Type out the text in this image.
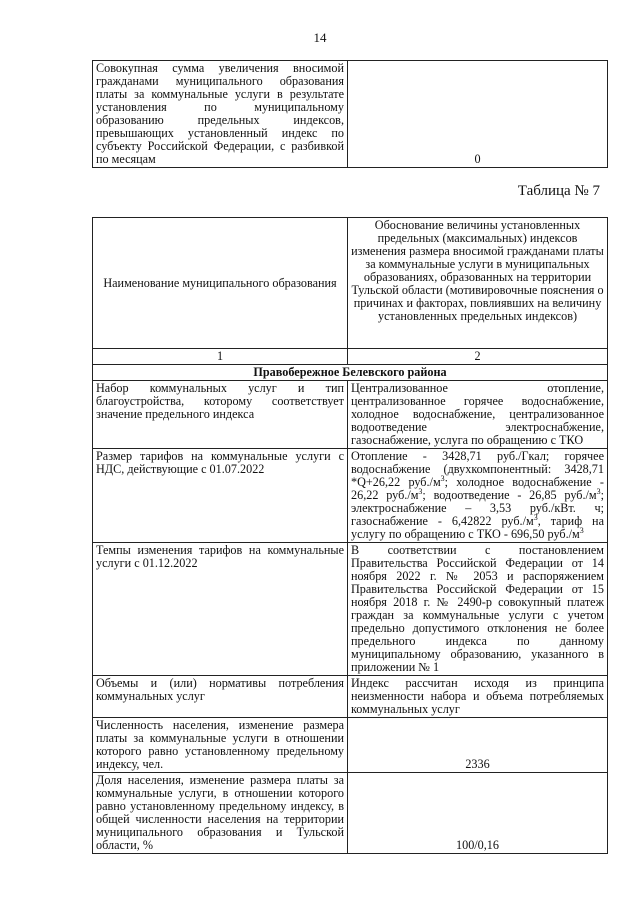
14
Совокупная сумма увеличения вносимой гражданами муниципального образования платы за коммунальные услуги в результате установления по муниципальному образованию предельных индексов, превышающих установленный индекс по субъекту Российской Федерации, с разбивкой по месяцам	0
Таблица № 7
Наименование муниципального образования	Обоснование величины установленных предельных (максимальных) индексов изменения размера вносимой гражданами платы за коммунальные услуги в муниципальных образованиях, образованных на территории Тульской области (мотивировочные пояснения о причинах и факторах, повлиявших на величину установленных предельных индексов)
1	2
Правобережное Белевского района	
Набор коммунальных услуг и тип благоустройства, которому соответствует значение предельного индекса	Централизованное отопление, централизованное горячее водоснабжение, холодное водоснабжение, централизованное водоотведение электроснабжение, газоснабжение, услуга по обращению с ТКО
Размер тарифов на коммунальные услуги с НДС, действующие с 01.07.2022	Отопление - 3428,71 руб./Гкал; горячее водоснабжение (двухкомпонентный: 3428,71 *Q+26,22 $руб./м^3$; холодное водоснабжение - 26,22 $руб./м^3$; водоотведение - 26,85 $руб./м^3$; электроснабжение – 3,53 руб./кВт. ч; газоснабжение - 6,42822 $руб./м^3$, тариф на услугу по обращению с ТКО - 696,50 $руб./м^3$
Темпы изменения тарифов на коммунальные услуги с 01.12.2022	В соответствии с постановлением Правительства Российской Федерации от 14 ноября 2022 г. № 2053 и распоряжением Правительства Российской Федерации от 15 ноября 2018 г. № 2490-р совокупный платеж граждан за коммунальные услуги с учетом предельно допустимого отклонения не более предельного индекса по данному муниципальному образованию, указанного в приложении № 1
Объемы и (или) нормативы потребления коммунальных услуг	Индекс рассчитан исходя из принципа неизменности набора и объема потребляемых коммунальных услуг
Численность населения, изменение размера платы за коммунальные услуги в отношении которого равно установленному предельному индексу, чел.	2336
Доля населения, изменение размера платы за коммунальные услуги, в отношении которого равно установленному предельному индексу, в общей численности населения на территории муниципального образования и Тульской области, %	100/0,16
